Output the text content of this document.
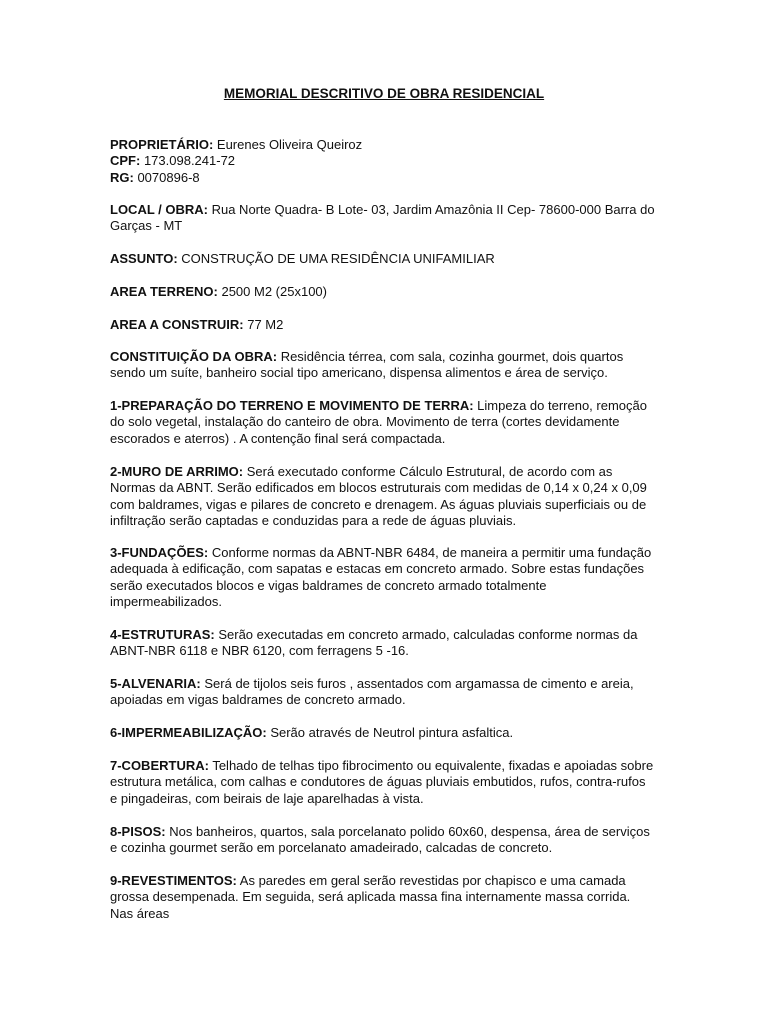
MEMORIAL DESCRITIVO DE OBRA RESIDENCIAL

PROPRIETÁRIO: Eurenes Oliveira Queiroz

CPF: 173.098.241-72

RG: 0070896-8

LOCAL / OBRA: Rua Norte Quadra- B Lote- 03, Jardim Amazônia II Cep- 78600-000 Barra do Garças - MT

ASSUNTO: CONSTRUÇÃO DE UMA RESIDÊNCIA UNIFAMILIAR

AREA TERRENO: 2500 M2 (25x100)

AREA A CONSTRUIR: 77 M2

CONSTITUIÇÃO DA OBRA: Residência térrea, com sala, cozinha gourmet, dois quartos sendo um suíte, banheiro social tipo americano, dispensa alimentos e área de serviço.

1-PREPARAÇÃO DO TERRENO E MOVIMENTO DE TERRA: Limpeza do terreno, remoção do solo vegetal, instalação do canteiro de obra. Movimento de terra (cortes devidamente escorados e aterros) . A contenção final será compactada.

2-MURO DE ARRIMO: Será executado conforme Cálculo Estrutural, de acordo com as Normas da ABNT. Serão edificados em blocos estruturais com medidas de 0,14 x 0,24 x 0,09 com baldrames, vigas e pilares de concreto e drenagem. As águas pluviais superficiais ou de infiltração serão captadas e conduzidas para a rede de águas pluviais.

3-FUNDAÇÕES: Conforme normas da ABNT-NBR 6484, de maneira a permitir uma fundação adequada à edificação, com sapatas e estacas em concreto armado. Sobre estas fundações serão executados blocos e vigas baldrames de concreto armado totalmente impermeabilizados.

4-ESTRUTURAS: Serão executadas em concreto armado, calculadas conforme normas da ABNT-NBR 6118 e NBR 6120, com ferragens 5 -16.

5-ALVENARIA: Será de tijolos seis furos , assentados com argamassa de cimento e areia, apoiadas em vigas baldrames de concreto armado.

6-IMPERMEABILIZAÇÃO: Serão através de Neutrol pintura asfaltica.

7-COBERTURA: Telhado de telhas tipo fibrocimento ou equivalente, fixadas e apoiadas sobre estrutura metálica, com calhas e condutores de águas pluviais embutidos, rufos, contra-rufos e pingadeiras, com beirais de laje aparelhadas à vista.

8-PISOS: Nos banheiros, quartos, sala porcelanato polido 60x60, despensa, área de serviços e cozinha gourmet serão em porcelanato amadeirado, calcadas de concreto.

9-REVESTIMENTOS: As paredes em geral serão revestidas por chapisco e uma camada grossa desempenada. Em seguida, será aplicada massa fina internamente massa corrida. Nas áreas
